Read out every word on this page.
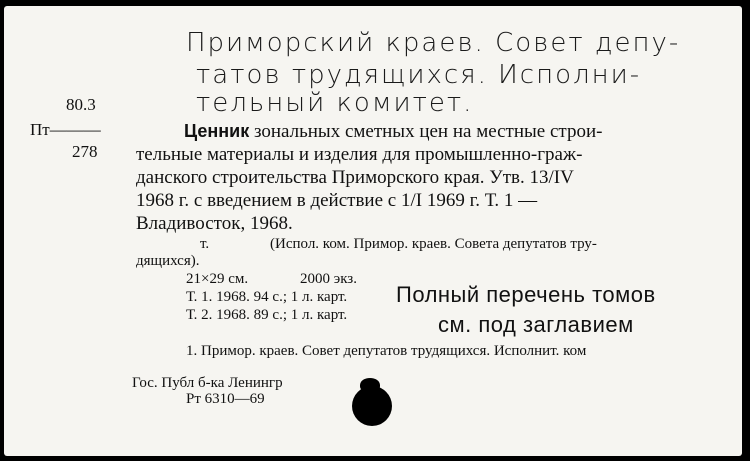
Приморский краев. Совет депу-
татов трудящихся. Исполни-
тельный комитет.
80.3
Пт———
278
Ценник зональных сметных цен на местные строи-
тельные материалы и изделия для промышленно-граж-
данского строительства Приморского края. Утв. 13/IV
1968 г. с введением в действие с 1/I 1969 г. Т. 1 —
Владивосток, 1968.
т.	(Испол. ком. Примор. краев. Совета депутатов тру-
дящихся).
21×29 см.	2000 экз.
Т. 1. 1968. 94 с.; 1 л. карт.
Т. 2. 1968. 89 с.; 1 л. карт.
Полный перечень томов
см. под заглавием
1. Примор. краев. Совет депутатов трудящихся. Исполнит. ком
Гос. Публ б-ка Ленингр
Рт 6310—69
